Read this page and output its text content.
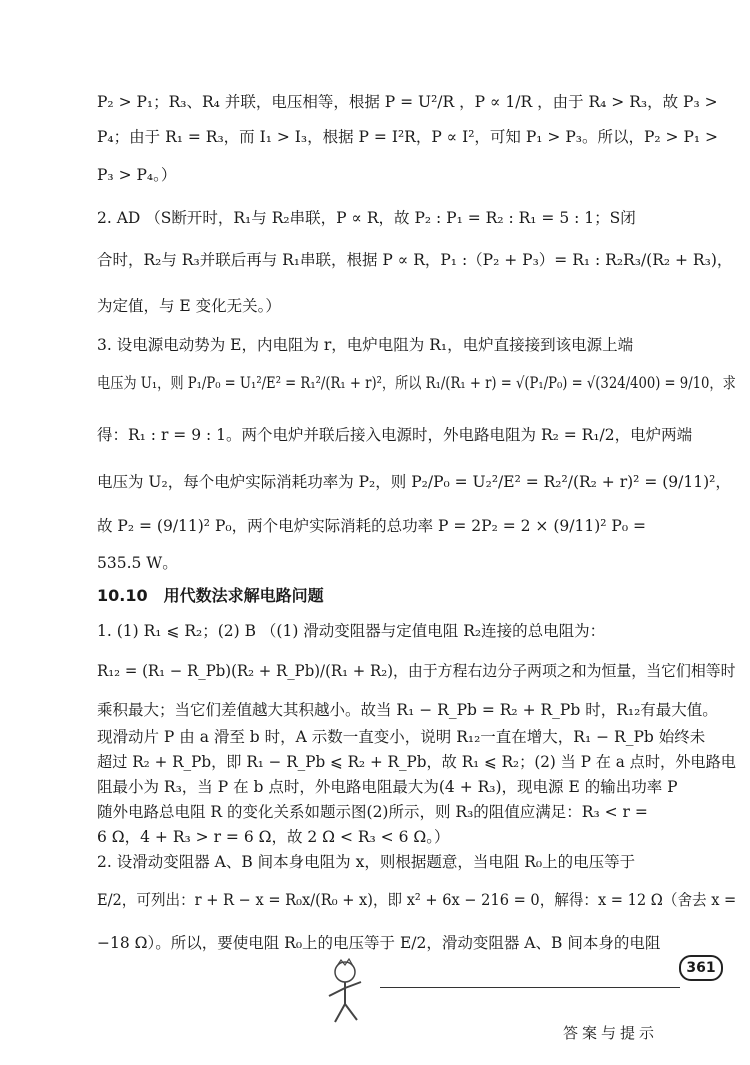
P₂ > P₁；R₃、R₄ 并联，电压相等，根据 P = U²/R ，P ∝ 1/R ，由于 R₄ > R₃，故 P₃ >
P₄；由于 R₁ = R₃，而 I₁ > I₃，根据 P = I²R，P ∝ I²，可知 P₁ > P₃。所以，P₂ > P₁ >
P₃ > P₄。）
2. AD （S断开时，R₁与 R₂串联，P ∝ R，故 P₂ : P₁ = R₂ : R₁ = 5 : 1；S闭
合时，R₂与 R₃并联后再与 R₁串联，根据 P ∝ R，P₁ :（P₂ + P₃）= R₁ : R₂R₃/(R₂ + R₃)，
为定值，与 E 变化无关。）
3. 设电源电动势为 E，内电阻为 r，电炉电阻为 R₁，电炉直接接到该电源上端
电压为 U₁，则 P₁/P₀ = U₁²/E² = R₁²/(R₁ + r)²，所以 R₁/(R₁ + r) = √(P₁/P₀) = √(324/400) = 9/10，求
得：R₁ : r = 9 : 1。两个电炉并联后接入电源时，外电路电阻为 R₂ = R₁/2，电炉两端
电压为 U₂，每个电炉实际消耗功率为 P₂，则 P₂/P₀ = U₂²/E² = R₂²/(R₂ + r)² = (9/11)²，
故 P₂ = (9/11)² P₀，两个电炉实际消耗的总功率 P = 2P₂ = 2 × (9/11)² P₀ =
535.5 W。
10.10　用代数法求解电路问题
1. (1) R₁ ⩽ R₂；(2) B （(1) 滑动变阻器与定值电阻 R₂连接的总电阻为：
R₁₂ = (R₁ − R_Pb)(R₂ + R_Pb)/(R₁ + R₂)，由于方程右边分子两项之和为恒量，当它们相等时
乘积最大；当它们差值越大其积越小。故当 R₁ − R_Pb = R₂ + R_Pb 时，R₁₂有最大值。
现滑动片 P 由 a 滑至 b 时，A 示数一直变小，说明 R₁₂一直在增大，R₁ − R_Pb 始终未
超过 R₂ + R_Pb，即 R₁ − R_Pb ⩽ R₂ + R_Pb，故 R₁ ⩽ R₂；(2) 当 P 在 a 点时，外电路电
阻最小为 R₃，当 P 在 b 点时，外电路电阻最大为(4 + R₃)，现电源 E 的输出功率 P
随外电路总电阻 R 的变化关系如题示图(2)所示，则 R₃的阻值应满足：R₃ < r =
6 Ω，4 + R₃ > r = 6 Ω，故 2 Ω < R₃ < 6 Ω。）
2. 设滑动变阻器 A、B 间本身电阻为 x，则根据题意，当电阻 R₀上的电压等于
E/2，可列出：r + R − x = R₀x/(R₀ + x)，即 x² + 6x − 216 = 0，解得：x = 12 Ω（舍去 x =
−18 Ω）。所以，要使电阻 R₀上的电压等于 E/2，滑动变阻器 A、B 间本身的电阻
361
答案与提示
